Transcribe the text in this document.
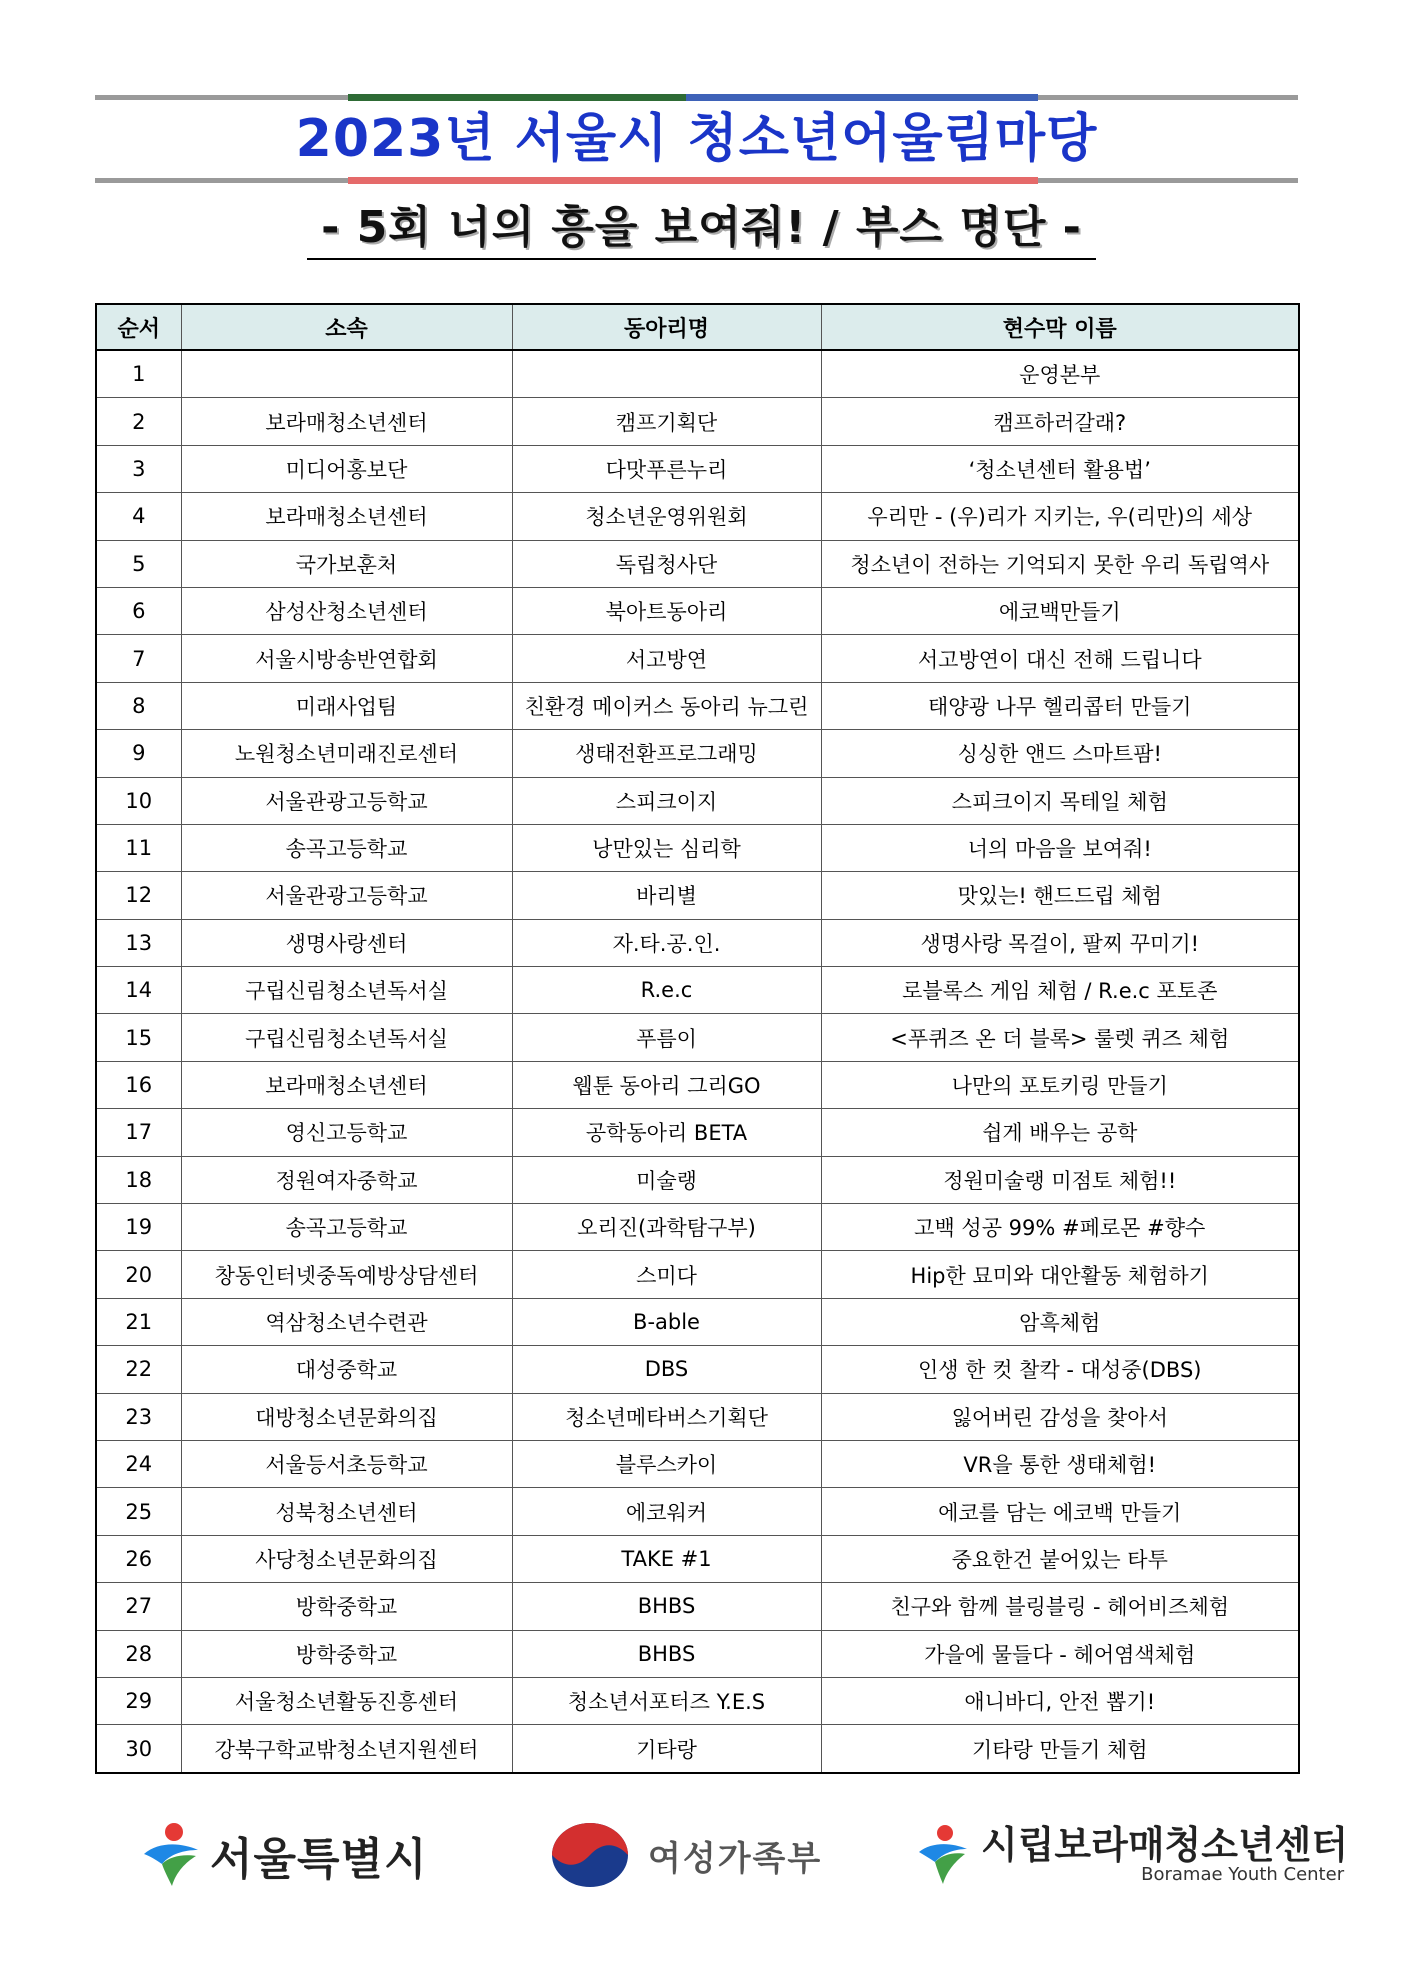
2023년 서울시 청소년어울림마당
- 5회 너의 흥을 보여줘! / 부스 명단 -
순서	소속	동아리명	현수막 이름
1			운영본부
2	보라매청소년센터	캠프기획단	캠프하러갈래?
3	미디어홍보단	다맛푸른누리	‘청소년센터 활용법’
4	보라매청소년센터	청소년운영위원회	우리만 - (우)리가 지키는, 우(리만)의 세상
5	국가보훈처	독립청사단	청소년이 전하는 기억되지 못한 우리 독립역사
6	삼성산청소년센터	북아트동아리	에코백만들기
7	서울시방송반연합회	서고방연	서고방연이 대신 전해 드립니다
8	미래사업팀	친환경 메이커스 동아리 뉴그린	태양광 나무 헬리콥터 만들기
9	노원청소년미래진로센터	생태전환프로그래밍	싱싱한 앤드 스마트팜!
10	서울관광고등학교	스피크이지	스피크이지 목테일 체험
11	송곡고등학교	낭만있는 심리학	너의 마음을 보여줘!
12	서울관광고등학교	바리별	맛있는! 핸드드립 체험
13	생명사랑센터	자.타.공.인.	생명사랑 목걸이, 팔찌 꾸미기!
14	구립신림청소년독서실	R.e.c	로블록스 게임 체험 / R.e.c 포토존
15	구립신림청소년독서실	푸름이	<푸퀴즈 온 더 블록> 룰렛 퀴즈 체험
16	보라매청소년센터	웹툰 동아리 그리GO	나만의 포토키링 만들기
17	영신고등학교	공학동아리 BETA	쉽게 배우는 공학
18	정원여자중학교	미술랭	정원미술랭 미점토 체험!!
19	송곡고등학교	오리진(과학탐구부)	고백 성공 99% #페로몬 #향수
20	창동인터넷중독예방상담센터	스미다	Hip한 묘미와 대안활동 체험하기
21	역삼청소년수련관	B-able	암흑체험
22	대성중학교	DBS	인생 한 컷 찰칵 - 대성중(DBS)
23	대방청소년문화의집	청소년메타버스기획단	잃어버린 감성을 찾아서
24	서울등서초등학교	블루스카이	VR을 통한 생태체험!
25	성북청소년센터	에코워커	에코를 담는 에코백 만들기
26	사당청소년문화의집	TAKE #1	중요한건 붙어있는 타투
27	방학중학교	BHBS	친구와 함께 블링블링 - 헤어비즈체험
28	방학중학교	BHBS	가을에 물들다 - 헤어염색체험
29	서울청소년활동진흥센터	청소년서포터즈 Y.E.S	애니바디, 안전 뽑기!
30	강북구학교밖청소년지원센터	기타랑	기타랑 만들기 체험
서울특별시	여성가족부	시립보라매청소년센터
Boramae Youth Center
